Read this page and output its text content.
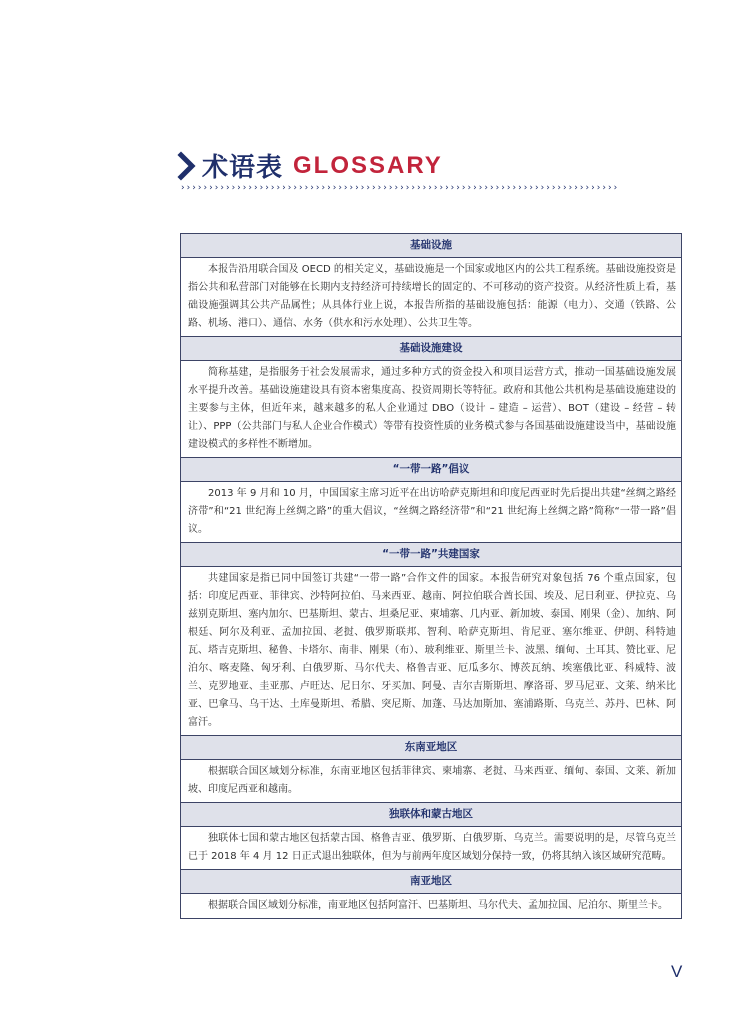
术语表 GLOSSARY
››››››››››››››››››››››››››››››››››››››››››››››››››››››››››››››››››››››››››››››
基础设施
本报告沿用联合国及 OECD 的相关定义，基础设施是一个国家或地区内的公共工程系统。基础设施投资是指公共和私营部门对能够在长期内支持经济可持续增长的固定的、不可移动的资产投资。从经济性质上看，基础设施强调其公共产品属性；从具体行业上说，本报告所指的基础设施包括：能源（电力）、交通（铁路、公路、机场、港口）、通信、水务（供水和污水处理）、公共卫生等。
基础设施建设
简称基建，是指服务于社会发展需求，通过多种方式的资金投入和项目运营方式，推动一国基础设施发展水平提升改善。基础设施建设具有资本密集度高、投资周期长等特征。政府和其他公共机构是基础设施建设的主要参与主体，但近年来，越来越多的私人企业通过 DBO（设计 – 建造 – 运营）、BOT（建设 – 经营 – 转让）、PPP（公共部门与私人企业合作模式）等带有投资性质的业务模式参与各国基础设施建设当中，基础设施建设模式的多样性不断增加。
“一带一路”倡议
2013 年 9 月和 10 月，中国国家主席习近平在出访哈萨克斯坦和印度尼西亚时先后提出共建“丝绸之路经济带”和“21 世纪海上丝绸之路”的重大倡议，“丝绸之路经济带”和“21 世纪海上丝绸之路”简称“一带一路”倡议。
“一带一路”共建国家
共建国家是指已同中国签订共建“一带一路”合作文件的国家。本报告研究对象包括 76 个重点国家，包括：印度尼西亚、菲律宾、沙特阿拉伯、马来西亚、越南、阿拉伯联合酋长国、埃及、尼日利亚、伊拉克、乌兹别克斯坦、塞内加尔、巴基斯坦、蒙古、坦桑尼亚、柬埔寨、几内亚、新加坡、泰国、刚果（金）、加纳、阿根廷、阿尔及利亚、孟加拉国、老挝、俄罗斯联邦、智利、哈萨克斯坦、肯尼亚、塞尔维亚、伊朗、科特迪瓦、塔吉克斯坦、秘鲁、卡塔尔、南非、刚果（布）、玻利维亚、斯里兰卡、波黑、缅甸、土耳其、赞比亚、尼泊尔、喀麦隆、匈牙利、白俄罗斯、马尔代夫、格鲁吉亚、厄瓜多尔、博茨瓦纳、埃塞俄比亚、科威特、波兰、克罗地亚、圭亚那、卢旺达、尼日尔、牙买加、阿曼、吉尔吉斯斯坦、摩洛哥、罗马尼亚、文莱、纳米比亚、巴拿马、乌干达、土库曼斯坦、希腊、突尼斯、加蓬、马达加斯加、塞浦路斯、乌克兰、苏丹、巴林、阿富汗。
东南亚地区
根据联合国区域划分标准，东南亚地区包括菲律宾、柬埔寨、老挝、马来西亚、缅甸、泰国、文莱、新加坡、印度尼西亚和越南。
独联体和蒙古地区
独联体七国和蒙古地区包括蒙古国、格鲁吉亚、俄罗斯、白俄罗斯、乌克兰。需要说明的是，尽管乌克兰已于 2018 年 4 月 12 日正式退出独联体，但为与前两年度区域划分保持一致，仍将其纳入该区域研究范畴。
南亚地区
根据联合国区域划分标准，南亚地区包括阿富汗、巴基斯坦、马尔代夫、孟加拉国、尼泊尔、斯里兰卡。
V
